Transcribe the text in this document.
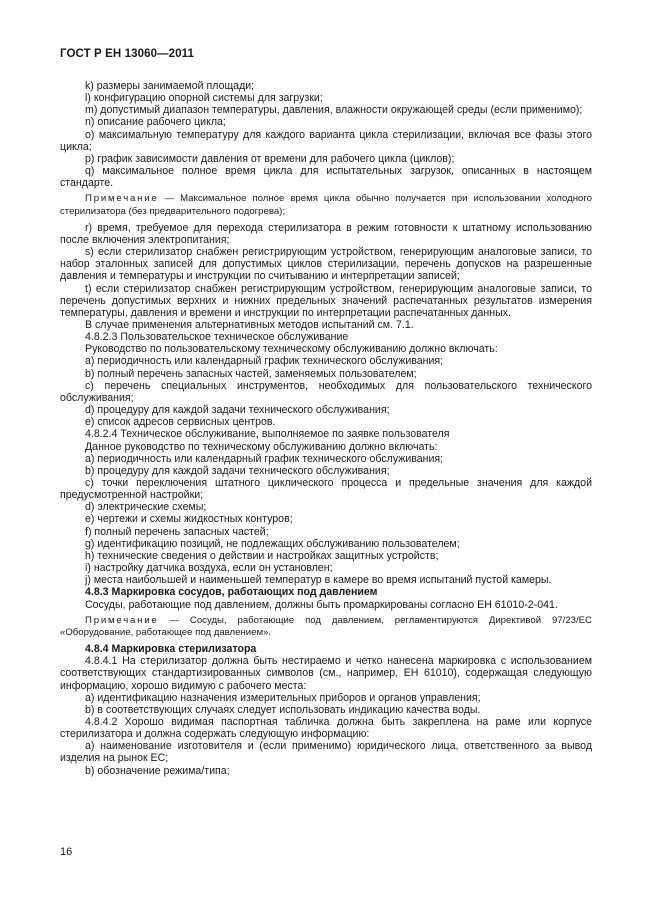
ГОСТ Р ЕН 13060—2011

k) размеры занимаемой площади;

l) конфигурацию опорной системы для загрузки;

m) допустимый диапазон температуры, давления, влажности окружающей среды (если применимо);

n) описание рабочего цикла;

o) максимальную температуру для каждого варианта цикла стерилизации, включая все фазы этого цикла;

p) график зависимости давления от времени для рабочего цикла (циклов);

q) максимальное полное время цикла для испытательных загрузок, описанных в настоящем стандарте.

Примечание — Максимальное полное время цикла обычно получается при использовании холодного стерилизатора (без предварительного подогрева);

r) время, требуемое для перехода стерилизатора в режим готовности к штатному использованию после включения электропитания;

s) если стерилизатор снабжен регистрирующим устройством, генерирующим аналоговые записи, то набор эталонных записей для допустимых циклов стерилизации, перечень допусков на разрешенные давления и температуры и инструкции по считыванию и интерпретации записей;

t) если стерилизатор снабжен регистрирующим устройством, генерирующим аналоговые записи, то перечень допустимых верхних и нижних предельных значений распечатанных результатов измерения температуры, давления и времени и инструкции по интерпретации распечатанных данных.

В случае применения альтернативных методов испытаний см. 7.1.

4.8.2.3 Пользовательское техническое обслуживание

Руководство по пользовательскому техническому обслуживанию должно включать:

а) периодичность или календарный график технического обслуживания;

b) полный перечень запасных частей, заменяемых пользователем;

с) перечень специальных инструментов, необходимых для пользовательского технического обслуживания;

d) процедуру для каждой задачи технического обслуживания;

е) список адресов сервисных центров.

4.8.2.4 Техническое обслуживание, выполняемое по заявке пользователя

Данное руководство по техническому обслуживанию должно включать:

а) периодичность или календарный график технического обслуживания;

b) процедуру для каждой задачи технического обслуживания;

с) точки переключения штатного циклического процесса и предельные значения для каждой предусмотренной настройки;

d) электрические схемы;

е) чертежи и схемы жидкостных контуров;

f) полный перечень запасных частей;

g) идентификацию позиций, не подлежащих обслуживанию пользователем;

h) технические сведения о действии и настройках защитных устройств;

i) настройку датчика воздуха, если он установлен;

j) места наибольшей и наименьшей температур в камере во время испытаний пустой камеры.

4.8.3 Маркировка сосудов, работающих под давлением

Сосуды, работающие под давлением, должны быть промаркированы согласно ЕН 61010-2-041.

Примечание — Сосуды, работающие под давлением, регламентируются Директивой 97/23/ЕС «Оборудование, работающее под давлением».

4.8.4 Маркировка стерилизатора

4.8.4.1 На стерилизатор должна быть нестираемо и четко нанесена маркировка с использованием соответствующих стандартизированных символов (см., например, ЕН 61010), содержащая следующую информацию, хорошо видимую с рабочего места:

а) идентификацию назначения измерительных приборов и органов управления;

b) в соответствующих случаях следует использовать индикацию качества воды.

4.8.4.2 Хорошо видимая паспортная табличка должна быть закреплена на раме или корпусе стерилизатора и должна содержать следующую информацию:

а) наименование изготовителя и (если применимо) юридического лица, ответственного за вывод изделия на рынок ЕС;

b) обозначение режима/типа;

16
